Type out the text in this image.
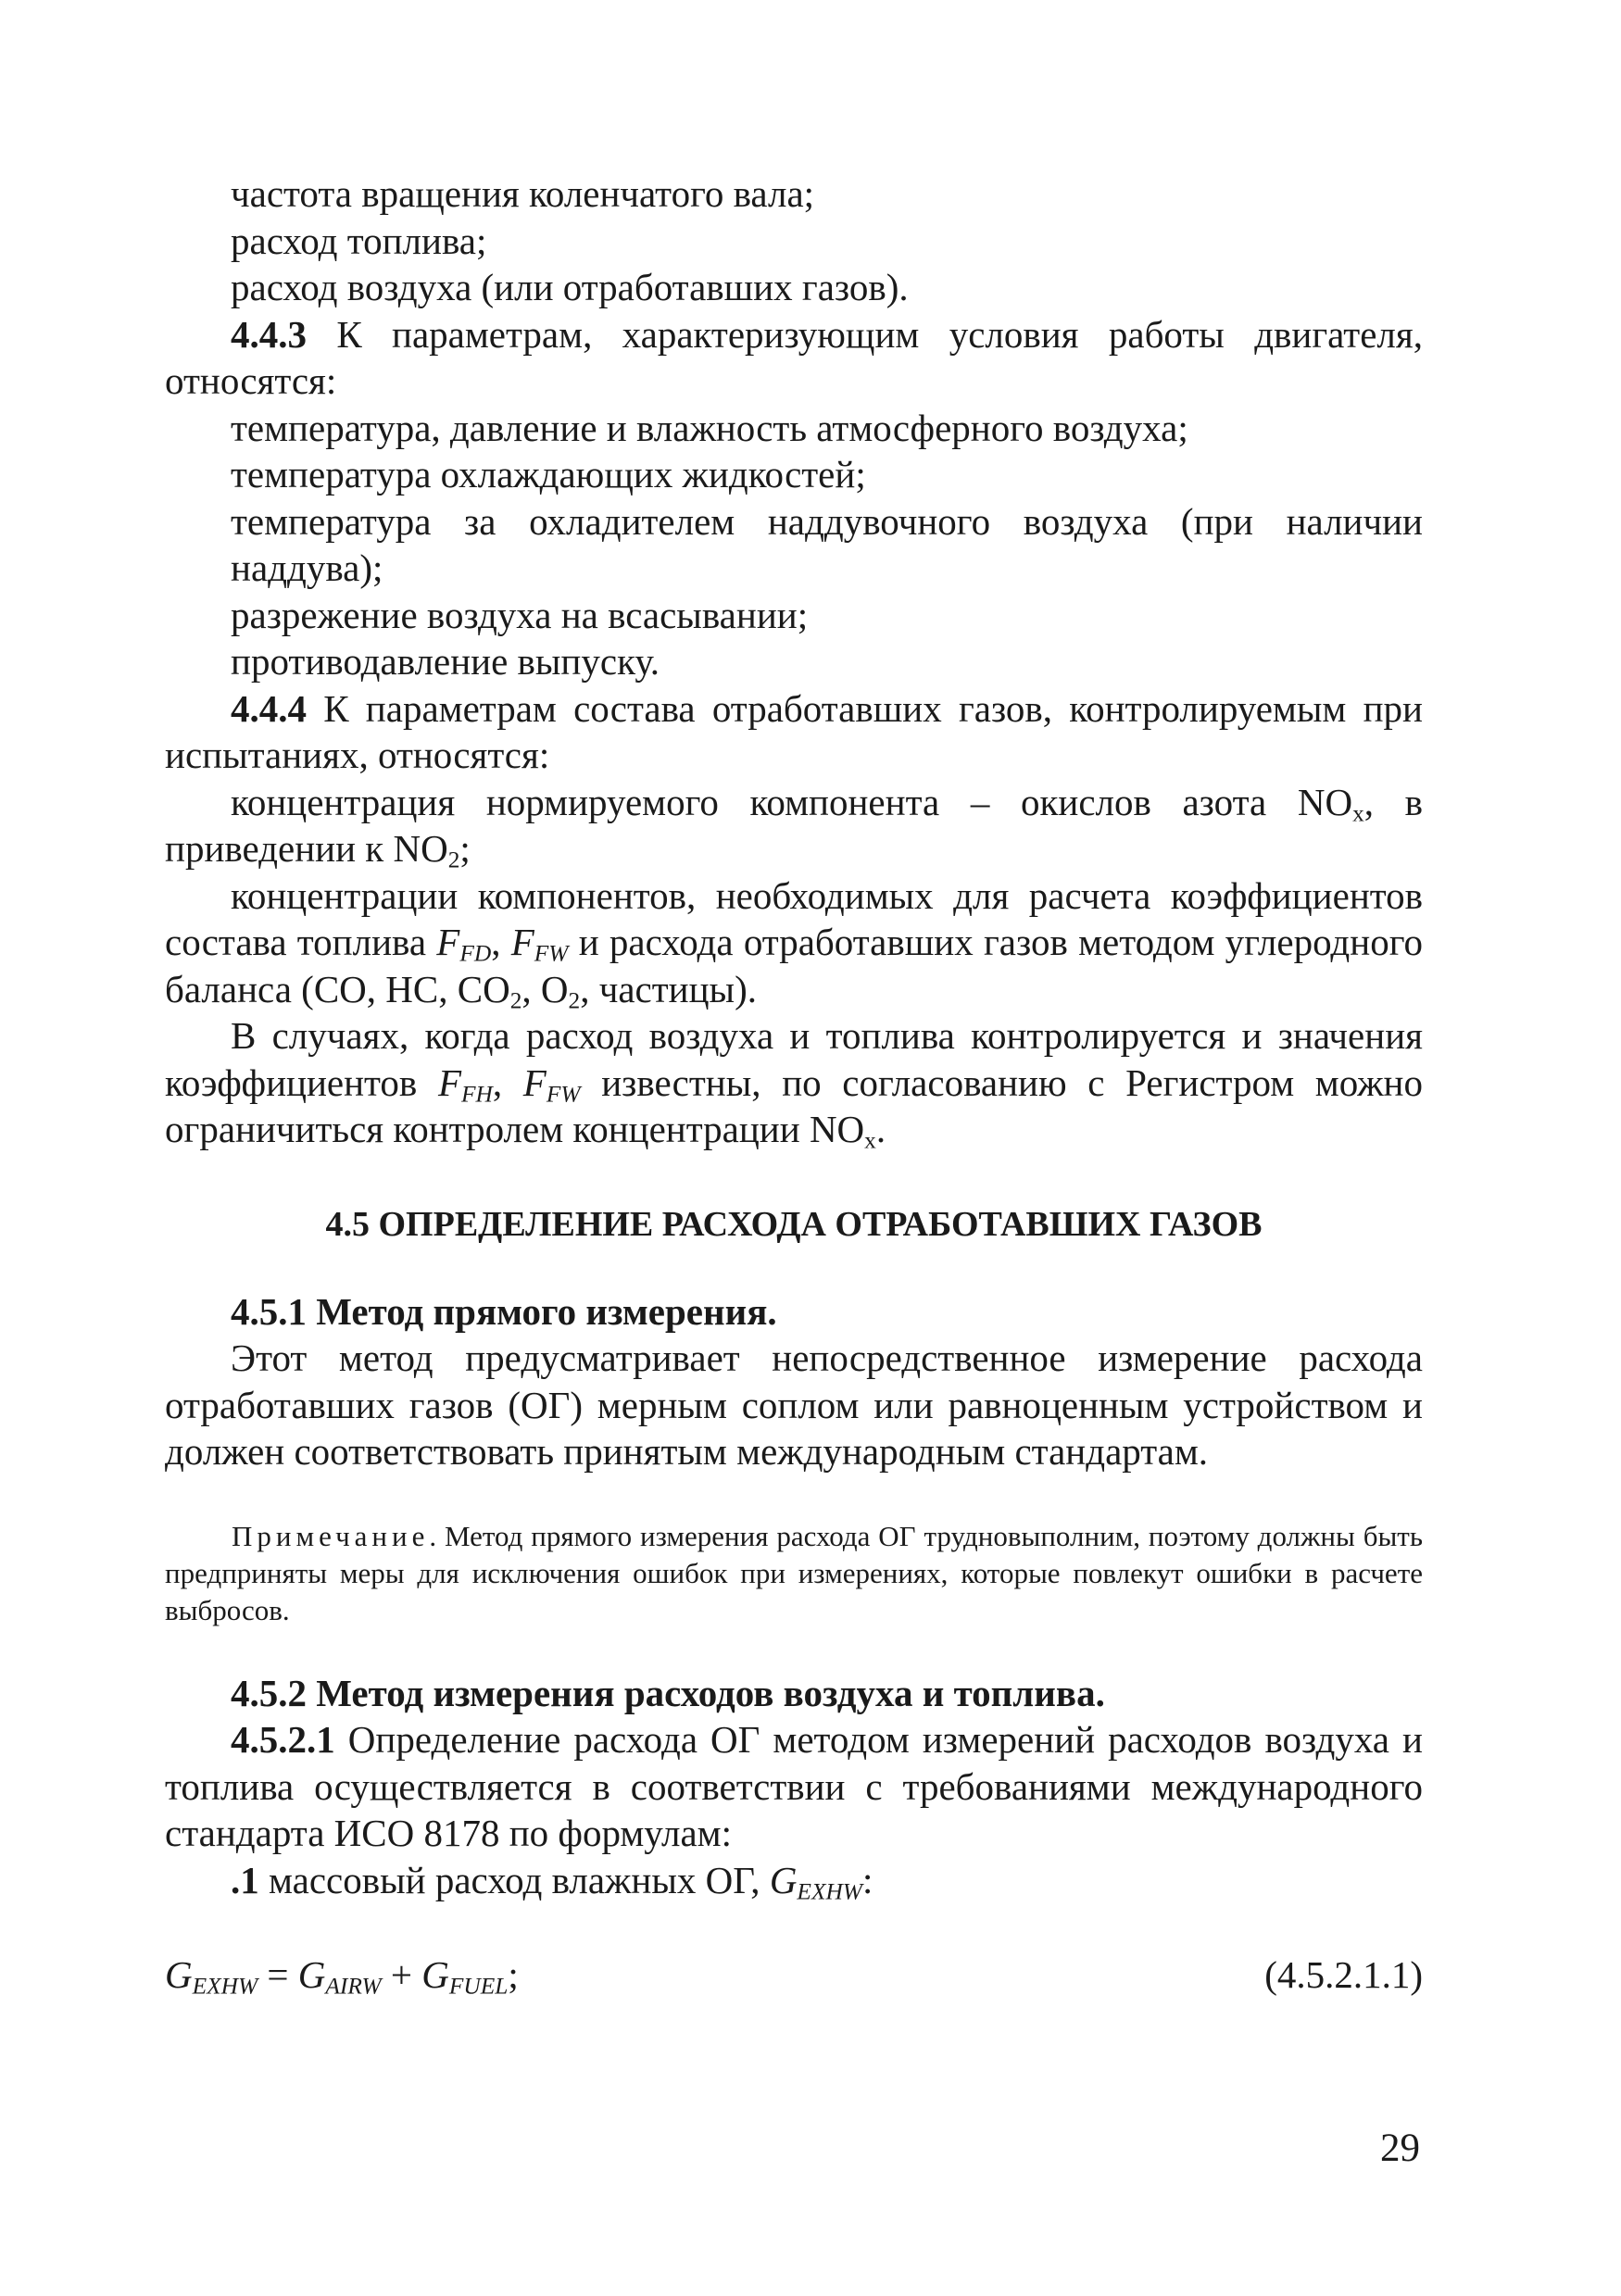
частота вращения коленчатого вала;

расход топлива;

расход воздуха (или отработавших газов).

4.4.3 К параметрам, характеризующим условия работы двигателя, относятся:

температура, давление и влажность атмосферного воздуха;

температура охлаждающих жидкостей;

температура за охладителем наддувочного воздуха (при наличии наддува);

разрежение воздуха на всасывании;

противодавление выпуску.

4.4.4 К параметрам состава отработавших газов, контролируемым при испытаниях, относятся:

концентрация нормируемого компонента – окислов азота $NO_x$, в приведении к $NO_2$;

концентрации компонентов, необходимых для расчета коэффициентов состава топлива $F_{FD}$, $F_{FW}$ и расхода отработавших газов методом углеродного баланса (CO, HC, $CO_2$, $O_2$, частицы).

В случаях, когда расход воздуха и топлива контролируется и значения коэффициентов $F_{FH}$, $F_{FW}$ известны, по согласованию с Регистром можно ограничиться контролем концентрации $NO_x$.

4.5 ОПРЕДЕЛЕНИЕ РАСХОДА ОТРАБОТАВШИХ ГАЗОВ

4.5.1 Метод прямого измерения.

Этот метод предусматривает непосредственное измерение расхода отработавших газов (ОГ) мерным соплом или равноценным устройством и должен соответствовать принятым международным стандартам.

Примечание. Метод прямого измерения расхода ОГ трудновыполним, поэтому должны быть предприняты меры для исключения ошибок при измерениях, которые повлекут ошибки в расчете выбросов.

4.5.2 Метод измерения расходов воздуха и топлива.

4.5.2.1 Определение расхода ОГ методом измерений расходов воздуха и топлива осуществляется в соответствии с требованиями международного стандарта ИСО 8178 по формулам:

.1 массовый расход влажных ОГ, $G_{EXHW}$:

$G_{EXHW} = G_{AIRW} + G_{FUEL}$;	(4.5.2.1.1)
29
